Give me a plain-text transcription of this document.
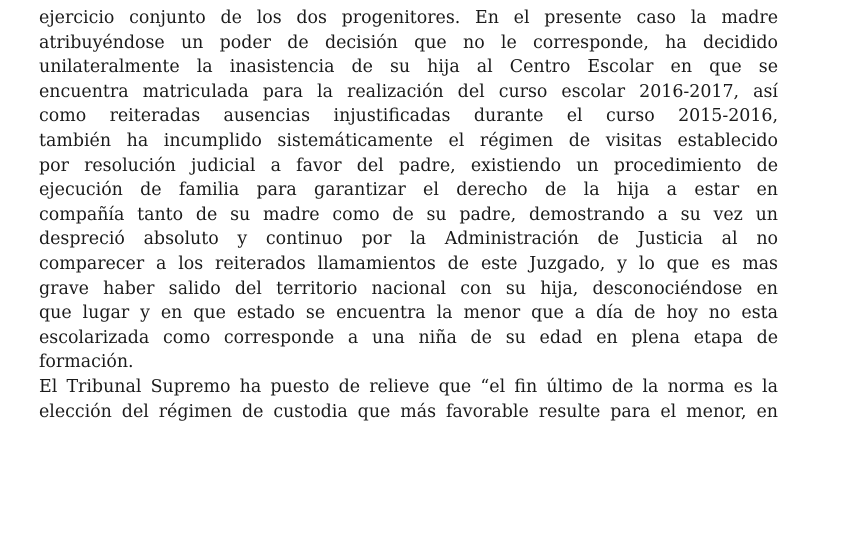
ejercicio conjunto de los dos progenitores. En el presente caso la madre
atribuyéndose un poder de decisión que no le corresponde, ha decidido
unilateralmente la inasistencia de su hija al Centro Escolar en que se
encuentra matriculada para la realización del curso escolar 2016-2017, así
como reiteradas ausencias injustificadas durante el curso 2015-2016,
también ha incumplido sistemáticamente el régimen de visitas establecido
por resolución judicial a favor del padre, existiendo un procedimiento de
ejecución de familia para garantizar el derecho de la hija a estar en
compañía tanto de su madre como de su padre, demostrando a su vez un
despreció absoluto y continuo por la Administración de Justicia al no
comparecer a los reiterados llamamientos de este Juzgado, y lo que es mas
grave haber salido del territorio nacional con su hija, desconociéndose en
que lugar y en que estado se encuentra la menor que a día de hoy no esta
escolarizada como corresponde a una niña de su edad en plena etapa de
formación.
El Tribunal Supremo ha puesto de relieve que “el fin último de la norma es la
elección del régimen de custodia que más favorable resulte para el menor, en
